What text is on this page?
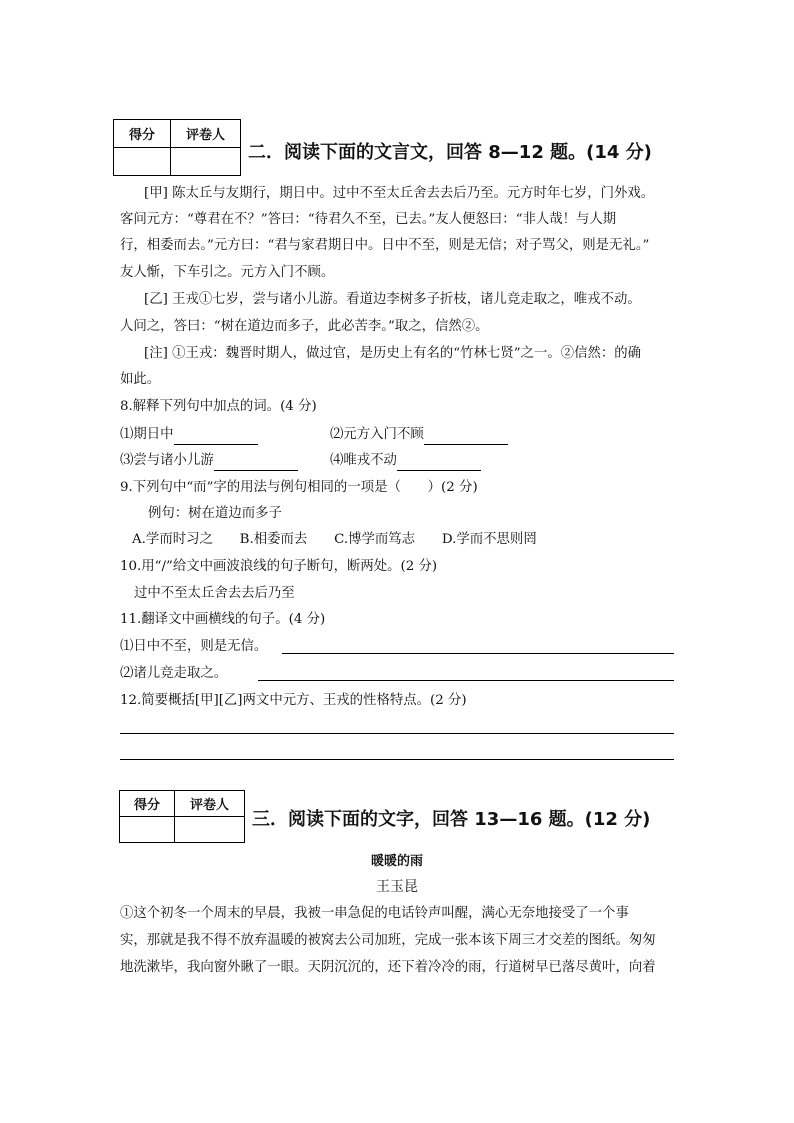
得分	评卷人

二．阅读下面的文言文，回答 8—12 题。(14 分)
[甲] 陈太丘与友期行，期日中。过中不至太丘舍去去后乃至。元方时年七岁，门外戏。
客问元方：“尊君在不？”答曰：“待君久不至，已去。”友人便怒曰：“非人哉！与人期
行，相委而去。”元方曰：“君与家君期日中。日中不至，则是无信；对子骂父，则是无礼。”
友人惭，下车引之。元方入门不顾。
[乙] 王戎①七岁，尝与诸小儿游。看道边李树多子折枝，诸儿竞走取之，唯戎不动。
人问之，答曰：“树在道边而多子，此必苦李。”取之，信然②。
[注] ①王戎：魏晋时期人，做过官，是历史上有名的“竹林七贤”之一。②信然：的确
如此。
8.解释下列句中加点的词。(4 分)
⑴期日中	⑵元方入门不顾
⑶尝与诸小儿游	⑷唯戎不动
9.下列句中“而”字的用法与例句相同的一项是（　　）(2 分)
例句：树在道边而多子
A.学而时习之　　B.相委而去　　C.博学而笃志　　D.学而不思则罔
10.用“/”给文中画波浪线的句子断句，断两处。(2 分)
过中不至太丘舍去去后乃至
11.翻译文中画横线的句子。(4 分)
⑴日中不至，则是无信。
⑵诸儿竞走取之。
12.简要概括[甲][乙]两文中元方、王戎的性格特点。(2 分)
得分	评卷人

三．阅读下面的文字，回答 13—16 题。(12 分)
暖暖的雨
王玉昆
①这个初冬一个周末的早晨，我被一串急促的电话铃声叫醒，满心无奈地接受了一个事
实，那就是我不得不放弃温暖的被窝去公司加班，完成一张本该下周三才交差的图纸。匆匆
地洗漱毕，我向窗外瞅了一眼。天阴沉沉的，还下着冷冷的雨，行道树早已落尽黄叶，向着
